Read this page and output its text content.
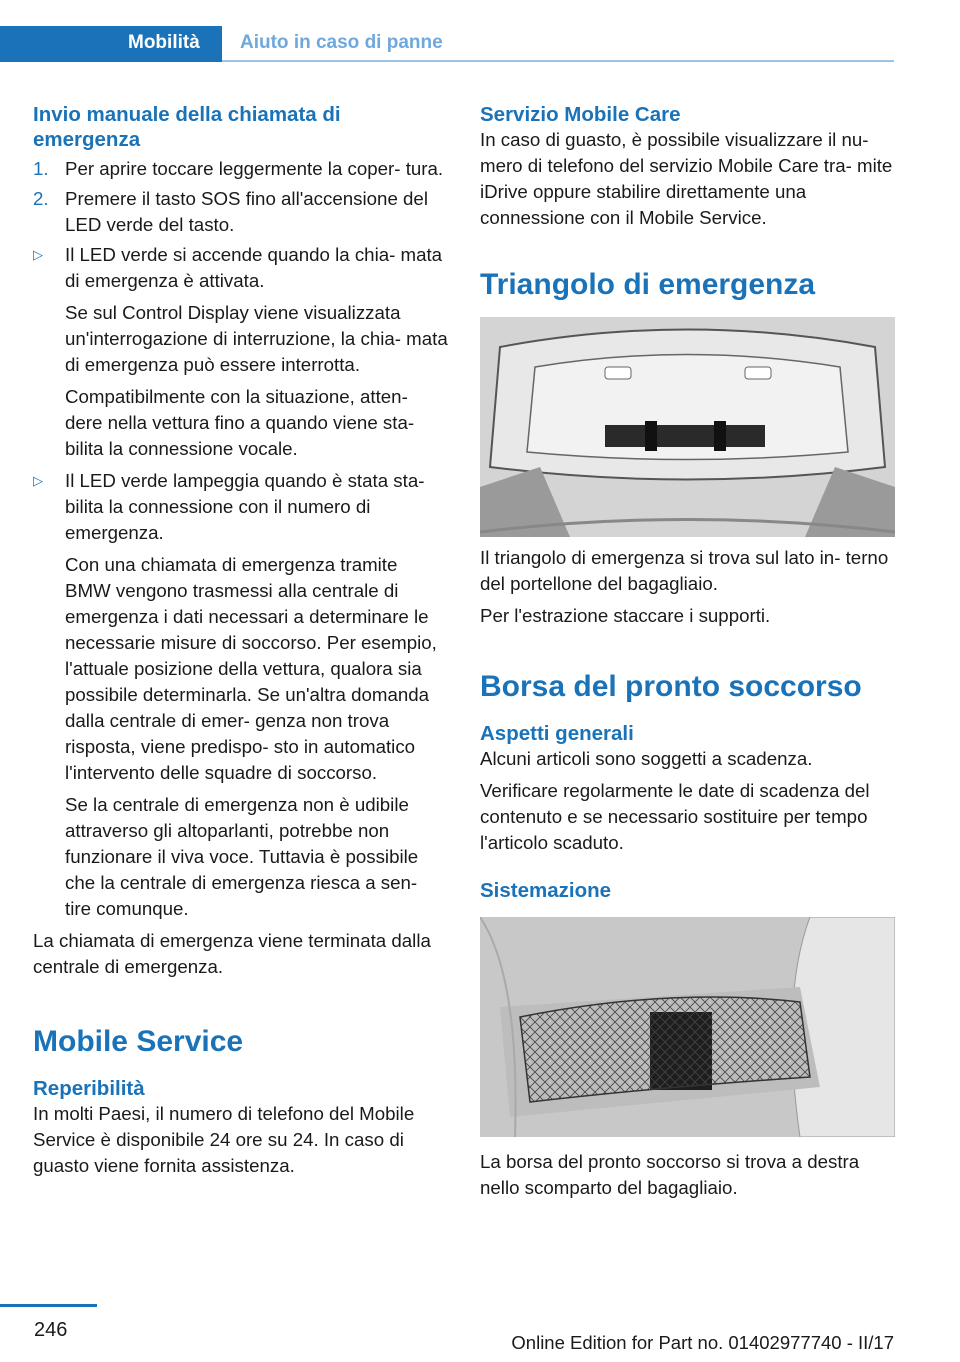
Mobilità	Aiuto in caso di panne
Invio manuale della chiamata di emergenza
1. Per aprire toccare leggermente la coper- tura.
2. Premere il tasto SOS fino all'accensione del LED verde del tasto.
▷ Il LED verde si accende quando la chia- mata di emergenza è attivata.

Se sul Control Display viene visualizzata un'interrogazione di interruzione, la chia- mata di emergenza può essere interrotta.

Compatibilmente con la situazione, atten- dere nella vettura fino a quando viene sta- bilita la connessione vocale.

▷ Il LED verde lampeggia quando è stata sta- bilita la connessione con il numero di emergenza.

Con una chiamata di emergenza tramite BMW vengono trasmessi alla centrale di emergenza i dati necessari a determinare le necessarie misure di soccorso. Per esempio, l'attuale posizione della vettura, qualora sia possibile determinarla. Se un'altra domanda dalla centrale di emer- genza non trova risposta, viene predispo- sto in automatico l'intervento delle squadre di soccorso.

Se la centrale di emergenza non è udibile attraverso gli altoparlanti, potrebbe non funzionare il viva voce. Tuttavia è possibile che la centrale di emergenza riesca a sen- tire comunque.

La chiamata di emergenza viene terminata dalla centrale di emergenza.

Mobile Service
Reperibilità

In molti Paesi, il numero di telefono del Mobile Service è disponibile 24 ore su 24. In caso di guasto viene fornita assistenza.

Servizio Mobile Care

In caso di guasto, è possibile visualizzare il nu- mero di telefono del servizio Mobile Care tra- mite iDrive oppure stabilire direttamente una connessione con il Mobile Service.

Triangolo di emergenza

Il triangolo di emergenza si trova sul lato in- terno del portellone del bagagliaio.

Per l'estrazione staccare i supporti.

Borsa del pronto soccorso
Aspetti generali

Alcuni articoli sono soggetti a scadenza.

Verificare regolarmente le date di scadenza del contenuto e se necessario sostituire per tempo l'articolo scaduto.

Sistemazione

La borsa del pronto soccorso si trova a destra nello scomparto del bagagliaio.

246
Online Edition for Part no. 01402977740 - II/17
